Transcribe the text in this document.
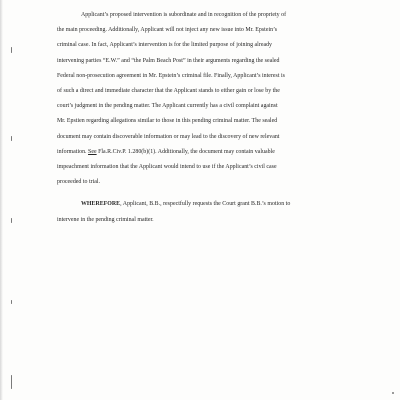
Applicant’s proposed intervention is subordinate and in recognition of the propriety of
the main proceeding. Additionally, Applicant will not inject any new issue into Mr. Epstein’s
criminal case. In fact, Applicant’s intervention is for the limited purpose of joining already
intervening parties “E.W.” and “the Palm Beach Post” in their arguments regarding the sealed
Federal non-prosecution agreement in Mr. Epstein’s criminal file. Finally, Applicant’s interest is
of such a direct and immediate character that the Applicant stands to either gain or lose by the
court’s judgment in the pending matter. The Applicant currently has a civil complaint against
Mr. Epstien regarding allegations similar to those in this pending criminal matter. The sealed
document may contain discoverable information or may lead to the discovery of new relevant
information. See Fla.R.Civ.P. 1.280(b)(1). Additionally, the document may contain valuable
impeachment information that the Applicant would intend to use if the Applicant’s civil case
proceeded to trial.
WHEREFORE, Applicant, B.B., respectfully requests the Court grant B.B.’s motion to
intervene in the pending criminal matter.
